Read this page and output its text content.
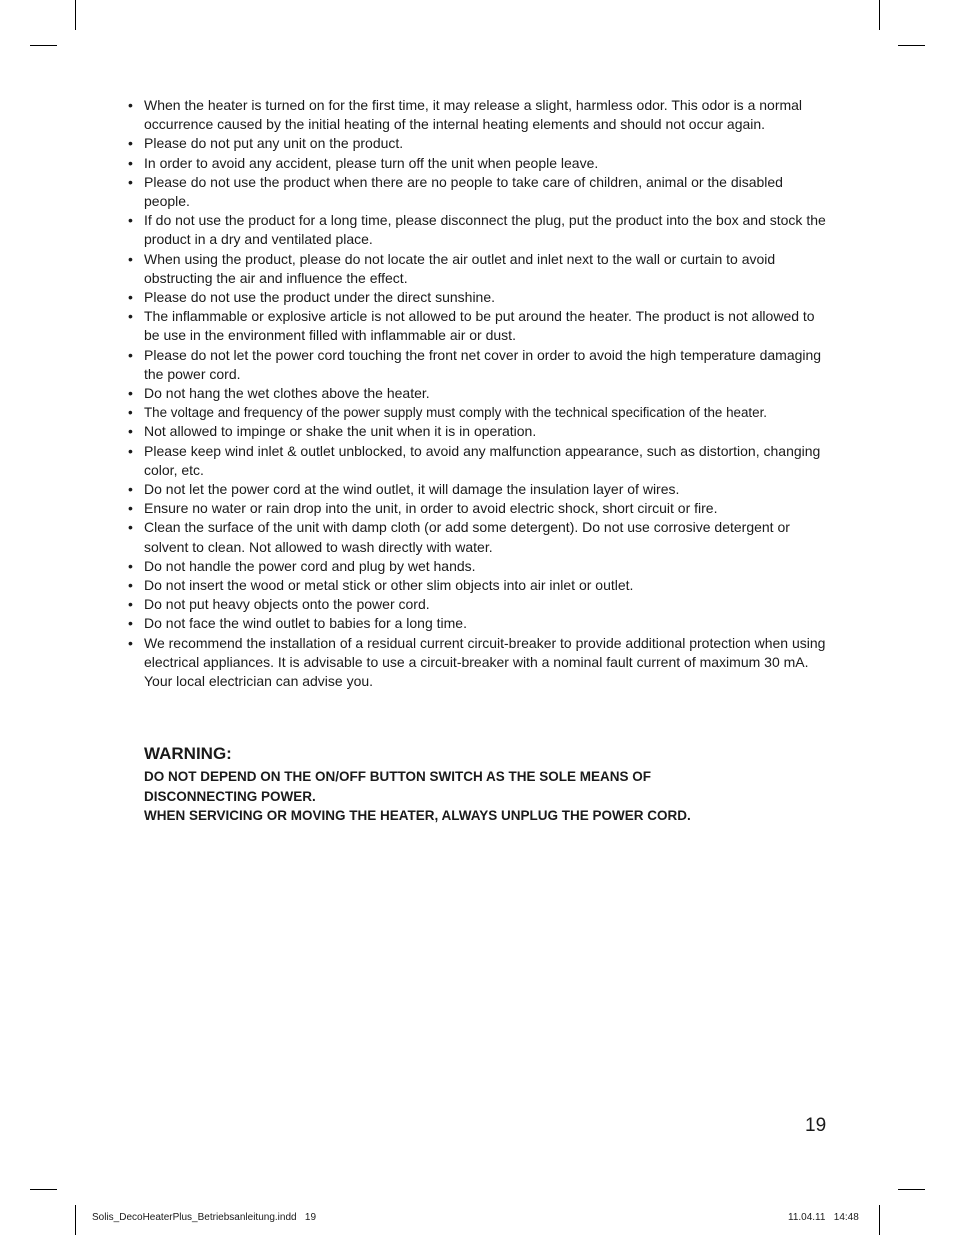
• When the heater is turned on for the first time, it may release a slight, harmless odor. This odor is a normal occurrence caused by the initial heating of the internal heating elements and should not occur again.
• Please do not put any unit on the product.
• In order to avoid any accident, please turn off the unit when people leave.
• Please do not use the product when there are no people to take care of children, animal or the disabled people.
• If do not use the product for a long time, please disconnect the plug, put the product into the box and stock the product in a dry and ventilated place.
• When using the product, please do not locate the air outlet and inlet next to the wall or curtain to avoid obstructing the air and influence the effect.
• Please do not use the product under the direct sunshine.
• The inflammable or explosive article is not allowed to be put around the heater. The product is not allowed to be use in the environment filled with inflammable air or dust.
• Please do not let the power cord touching the front net cover in order to avoid the high temperature damaging the power cord.
• Do not hang the wet clothes above the heater.
• The voltage and frequency of the power supply must comply with the technical specification of the heater.
• Not allowed to impinge or shake the unit when it is in operation.
• Please keep wind inlet & outlet unblocked, to avoid any malfunction appearance, such as distortion, changing color, etc.
• Do not let the power cord at the wind outlet, it will damage the insulation layer of wires.
• Ensure no water or rain drop into the unit, in order to avoid electric shock, short circuit or fire.
• Clean the surface of the unit with damp cloth (or add some detergent). Do not use corrosive detergent or solvent to clean. Not allowed to wash directly with water.
• Do not handle the power cord and plug by wet hands.
• Do not insert the wood or metal stick or other slim objects into air inlet or outlet.
• Do not put heavy objects onto the power cord.
• Do not face the wind outlet to babies for a long time.
• We recommend the installation of a residual current circuit-breaker to provide additional protection when using electrical appliances. It is advisable to use a circuit-breaker with a nominal fault current of maximum 30 mA. Your local electrician can advise you.

WARNING:

DO NOT DEPEND ON THE ON/OFF BUTTON SWITCH AS THE SOLE MEANS OF

DISCONNECTING POWER.

WHEN SERVICING OR MOVING THE HEATER, ALWAYS UNPLUG THE POWER CORD.

19
Solis_DecoHeaterPlus_Betriebsanleitung.indd   19	11.04.11   14:48
